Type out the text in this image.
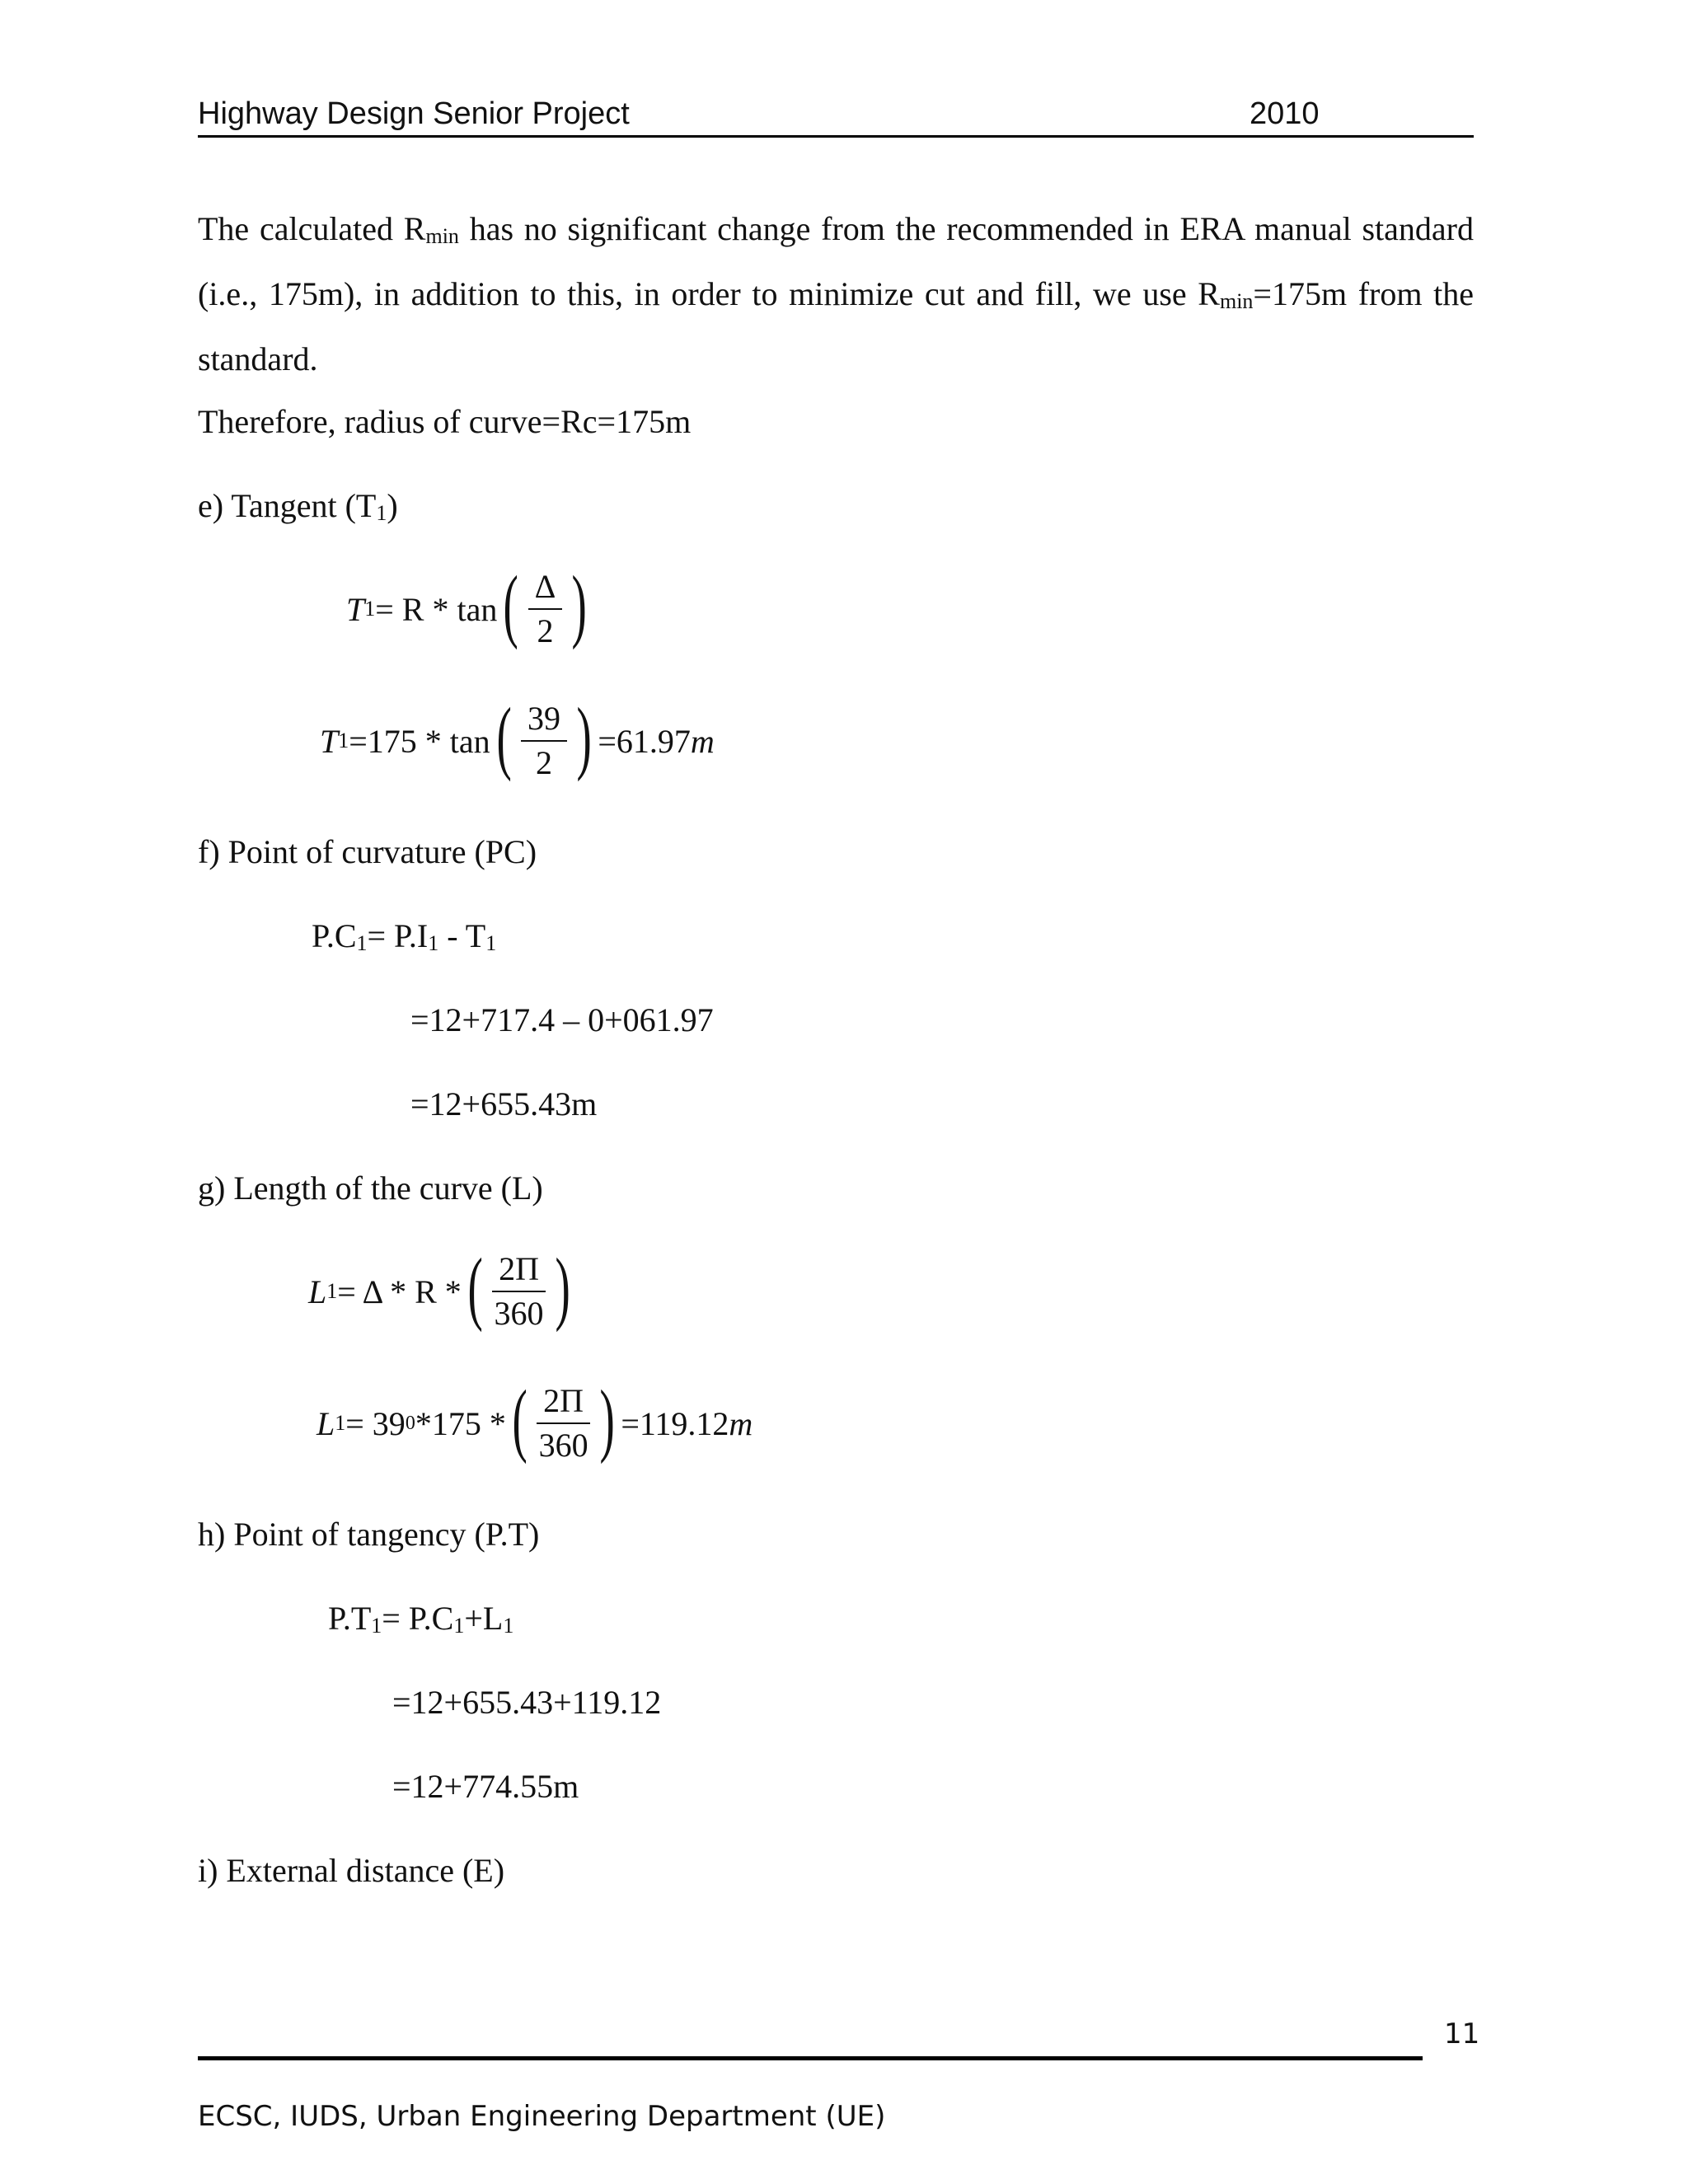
Highway Design Senior Project	2010
The calculated $R_{min}$ has no significant change from the recommended in ERA manual standard (i.e., 175m), in addition to this, in order to minimize cut and fill, we use $R_{min}=175m$ from the standard.
Therefore, radius of curve=Rc=175m
e) Tangent $(T_1)$
T 1 = R * tan ( $\frac{\Delta}{2}$ )
T 1 =175 * tan ( $\frac{39}{2}$ ) =61.97 m
f) Point of curvature (PC)
$P.C_1= P.I_1 - T_1$
=12+717.4 – 0+061.97
=12+655.43m
g) Length of the curve (L)
L 1 = Δ * R * ( $\frac{2\Pi}{360}$ )
L 1 = 39 0 *175 * ( $\frac{2\Pi}{360}$ ) =119.12 m
h) Point of tangency (P.T)
$P.T_1= P.C_1+L_1$
=12+655.43+119.12
=12+774.55m
i) External distance (E)
11
ECSC, IUDS, Urban Engineering Department (UE)
